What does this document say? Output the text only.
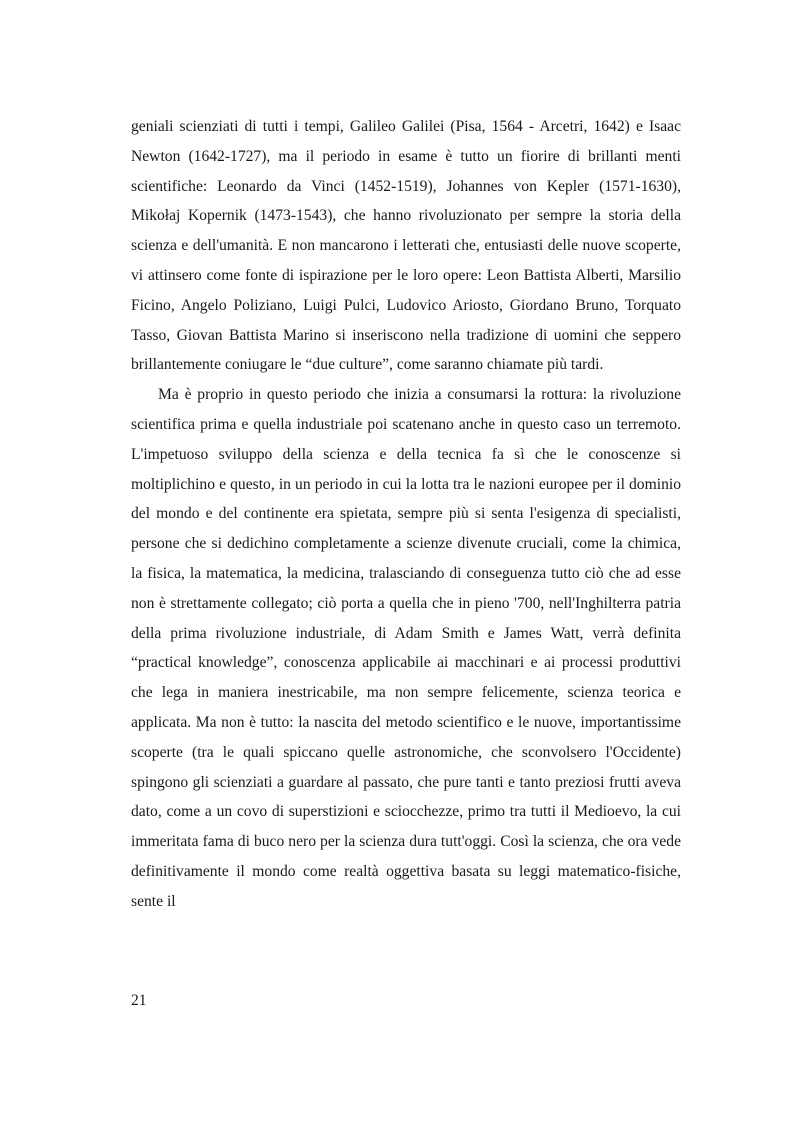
geniali scienziati di tutti i tempi, Galileo Galilei (Pisa, 1564 - Arcetri, 1642) e Isaac Newton (1642-1727), ma il periodo in esame è tutto un fiorire di brillanti menti scientifiche: Leonardo da Vinci (1452-1519), Johannes von Kepler (1571-1630), Mikołaj Kopernik (1473-1543), che hanno rivoluzionato per sempre la storia della scienza e dell'umanità. E non mancarono i letterati che, entusiasti delle nuove scoperte, vi attinsero come fonte di ispirazione per le loro opere: Leon Battista Alberti, Marsilio Ficino, Angelo Poliziano, Luigi Pulci, Ludovico Ariosto, Giordano Bruno, Torquato Tasso, Giovan Battista Marino si inseriscono nella tradizione di uomini che seppero brillantemente coniugare le “due culture”, come saranno chiamate più tardi.

Ma è proprio in questo periodo che inizia a consumarsi la rottura: la rivoluzione scientifica prima e quella industriale poi scatenano anche in questo caso un terremoto. L'impetuoso sviluppo della scienza e della tecnica fa sì che le conoscenze si moltiplichino e questo, in un periodo in cui la lotta tra le nazioni europee per il dominio del mondo e del continente era spietata, sempre più si senta l'esigenza di specialisti, persone che si dedichino completamente a scienze divenute cruciali, come la chimica, la fisica, la matematica, la medicina, tralasciando di conseguenza tutto ciò che ad esse non è strettamente collegato; ciò porta a quella che in pieno '700, nell'Inghilterra patria della prima rivoluzione industriale, di Adam Smith e James Watt, verrà definita “practical knowledge”, conoscenza applicabile ai macchinari e ai processi produttivi che lega in maniera inestricabile, ma non sempre felicemente, scienza teorica e applicata. Ma non è tutto: la nascita del metodo scientifico e le nuove, importantissime scoperte (tra le quali spiccano quelle astronomiche, che sconvolsero l'Occidente) spingono gli scienziati a guardare al passato, che pure tanti e tanto preziosi frutti aveva dato, come a un covo di superstizioni e sciocchezze, primo tra tutti il Medioevo, la cui immeritata fama di buco nero per la scienza dura tutt'oggi. Così la scienza, che ora vede definitivamente il mondo come realtà oggettiva basata su leggi matematico-fisiche, sente il

21
